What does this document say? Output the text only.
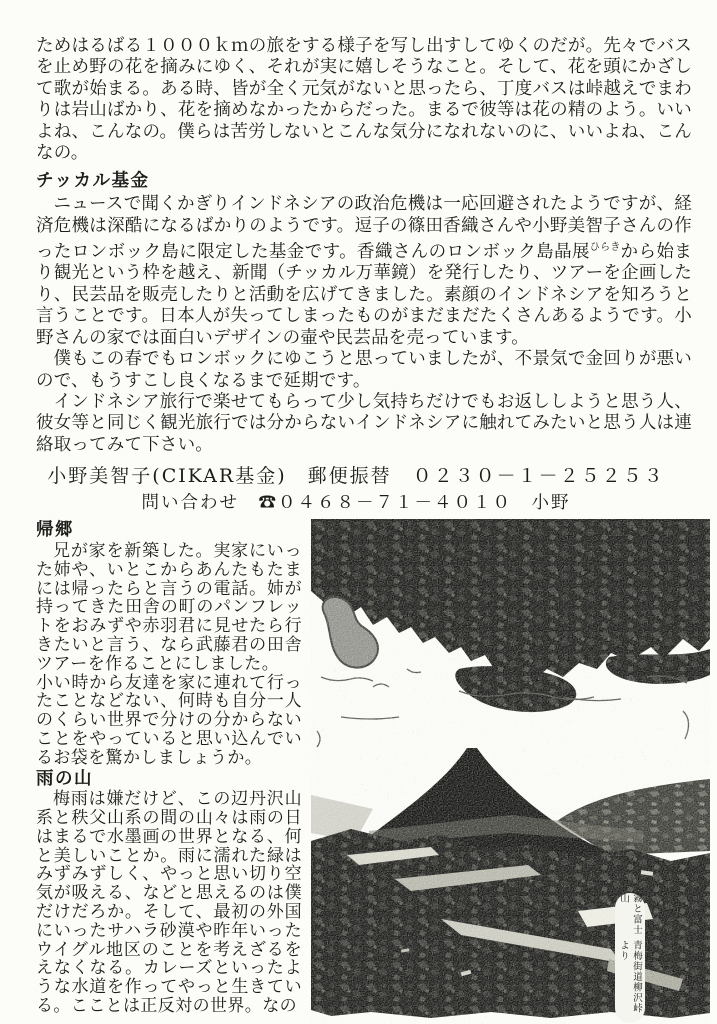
ためはるばる１０００ｋｍの旅をする様子を写し出すしてゆくのだが。先々でバスを止め野の花を摘みにゆく、それが実に嬉しそうなこと。そして、花を頭にかざして歌が始まる。ある時、皆が全く元気がないと思ったら、丁度バスは峠越えでまわりは岩山ばかり、花を摘めなかったからだった。まるで彼等は花の精のよう。いいよね、こんなの。僕らは苦労しないとこんな気分になれないのに、いいよね、こんなの。

チッカル基金

ニュースで聞くかぎりインドネシアの政治危機は一応回避されたようですが、経済危機は深酷になるばかりのようです。逗子の篠田香織さんや小野美智子さんの作ったロンボック島に限定した基金です。香織さんのロンボック島晶展$^{ひらき}$から始まり観光という枠を越え、新聞（チッカル万華鏡）を発行したり、ツアーを企画したり、民芸品を販売したりと活動を広げてきました。素顔のインドネシアを知ろうと言うことです。日本人が失ってしまったものがまだまだたくさんあるようです。小野さんの家では面白いデザインの壷や民芸品を売っています。

僕もこの春でもロンボックにゆこうと思っていましたが、不景気で金回りが悪いので、もうすこし良くなるまで延期です。

インドネシア旅行で楽せてもらって少し気持ちだけでもお返ししようと思う人、彼女等と同じく観光旅行では分からないインドネシアに触れてみたいと思う人は連絡取ってみて下さい。

小野美智子(CIKAR基金)　 郵便振替　 ０２３０－１－２５２５３
問い合わせ　 ☎０４６８－７１－４０１０　 小野
帰郷

兄が家を新築した。実家にいった姉や、いとこからあんたもたまには帰ったらと言うの電話。姉が持ってきた田舎の町のパンフレットをおみずや赤羽君に見せたら行きたいと言う、なら武藤君の田舎ツアーを作ることにしました。

小い時から友達を家に連れて行ったことなどない、何時も自分一人のくらい世界で分けの分からないことをやっていると思い込んでいるお袋を驚かしましょうか。

雨の山

梅雨は嫌だけど、この辺丹沢山系と秩父山系の間の山々は雨の日はまるで水墨画の世界となる、何と美しいことか。雨に濡れた緑はみずみずしく、やっと思い切り空気が吸える、などと思えるのは僕だけだろか。そして、最初の外国にいったサハラ砂漠や昨年いったウイグル地区のことを考えざるをえなくなる。カレーズといったような水道を作ってやっと生きている。こことは正反対の世界。なの

霧と富士山
青梅街道柳沢峠より
